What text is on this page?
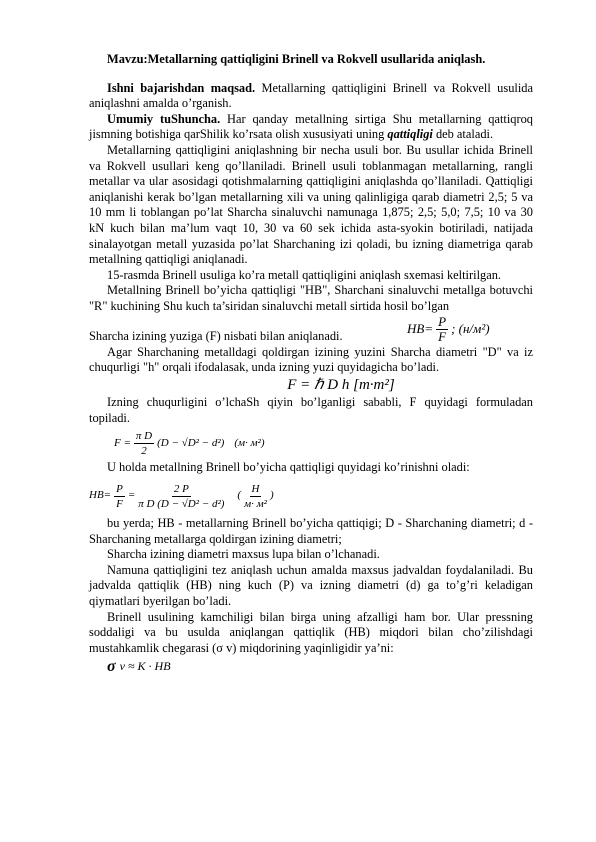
Mavzu:Metallarning qattiqligini Brinell va Rokvell usullarida aniqlash.

Ishni bajarishdan maqsad. Metallarning qattiqligini Brinell va Rokvell usulida aniqlashni amalda o’rganish.

Umumiy tuShuncha. Har qanday metallning sirtiga Shu metallarning qattiqroq jismning botishiga qarShilik ko’rsata olish xususiyati uning qattiqligi deb ataladi.

Metallarning qattiqligini aniqlashning bir necha usuli bor. Bu usullar ichida Brinell va Rokvell usullari keng qo’llaniladi. Brinell usuli toblanmagan metallarning, rangli metallar va ular asosidagi qotishmalarning qattiqligini aniqlashda qo’llaniladi. Qattiqligi aniqlanishi kerak bo’lgan metallarning xili va uning qalinligiga qarab diametri 2,5; 5 va 10 mm li toblangan po’lat Sharcha sinaluvchi namunaga 1,875; 2,5; 5,0; 7,5; 10 va 30 kN kuch bilan ma’lum vaqt 10, 30 va 60 sek ichida asta-syokin botiriladi, natijada sinalayotgan metall yuzasida po’lat Sharchaning izi qoladi, bu izning diametriga qarab metallning qattiqligi aniqlanadi.

15-rasmda Brinell usuliga ko’ra metall qattiqligini aniqlash sxemasi keltirilgan.

Metallning Brinell bo’yicha qattiqligi "HB", Sharchani sinaluvchi metallga botuvchi "R" kuchining Shu kuch ta’siridan sinaluvchi metall sirtida hosil bo’lgan

Sharcha izining yuziga (F) nisbati bilan aniqlanadi.	$HB= \frac{P}{F}$ ; (н/м²)

Agar Sharchaning metalldagi qoldirgan izining yuzini Sharcha diametri "D" va iz chuqurligi "h" orqali ifodalasak, unda izning yuzi quyidagicha bo’ladi.

F = ℏ D h [m·m²]

Izning chuqurligini o’lchaSh qiyin bo’lganligi sababli, F quyidagi formuladan topiladi.

$F = \frac{\text{π D}}{2} (D - √D^2 - d^2)$ (м· м²)

U holda metallning Brinell bo’yicha qattiqligi quyidagi ko’rinishni oladi:

$HB= \frac{P}{F} = \frac{2 P}{\text{π D (D − √D² − d²)}}$ ( $\frac{H}{\text{м· м²}}$ )

bu yerda; HB - metallarning Brinell bo’yicha qattiqigi; D - Sharchaning diametri; d - Sharchaning metallarga qoldirgan izining diametri;

Sharcha izining diametri maxsus lupa bilan o’lchanadi.

Namuna qattiqligini tez aniqlash uchun amalda maxsus jadvaldan foydalaniladi. Bu jadvalda qattiqlik (HB) ning kuch (P) va izning diametri (d) ga to’g’ri keladigan qiymatlari byerilgan bo’ladi.

Brinell usulining kamchiligi bilan birga uning afzalligi ham bor. Ular pressning soddaligi va bu usulda aniqlangan qattiqlik (HB) miqdori bilan cho’zilishdagi mustahkamlik chegarasi (σ v) miqdorining yaqinligidir ya’ni:

σ v ≈ K · HB
